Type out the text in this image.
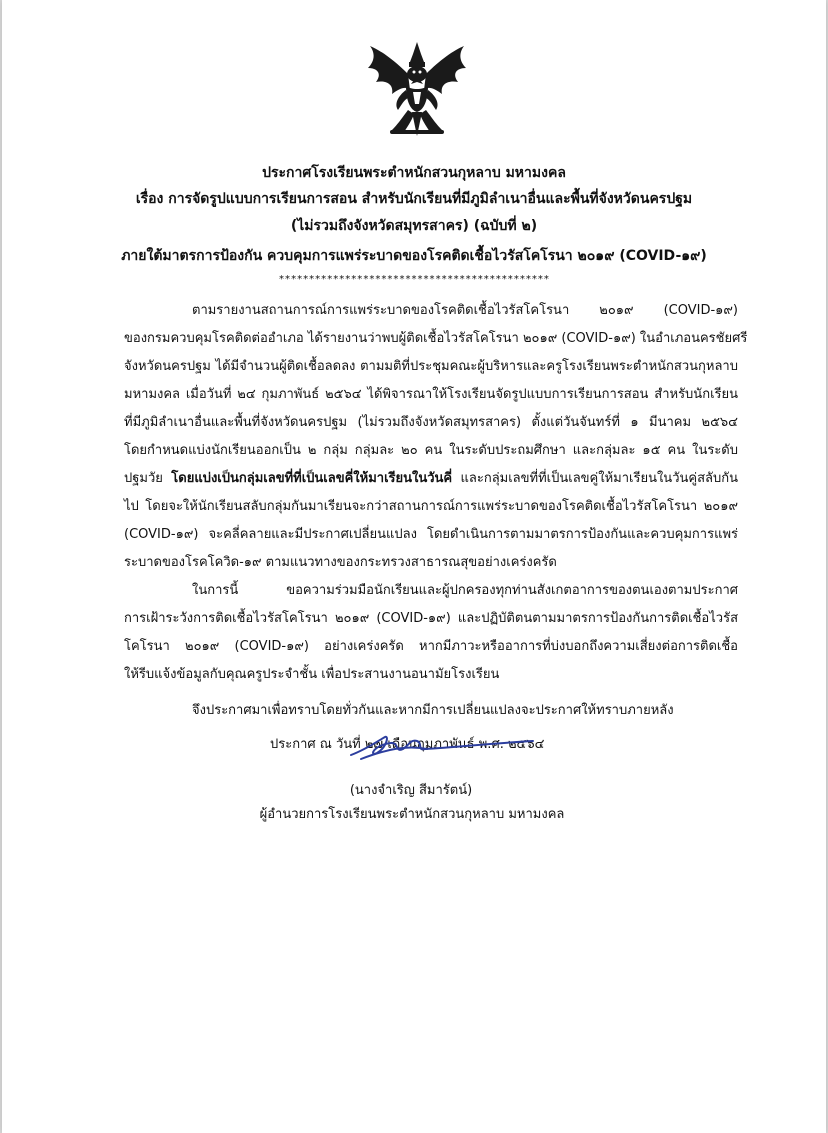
ประกาศโรงเรียนพระตำหนักสวนกุหลาบ มหามงคล
เรื่อง การจัดรูปแบบการเรียนการสอน สำหรับนักเรียนที่มีภูมิลำเนาอื่นและพื้นที่จังหวัดนครปฐม
(ไม่รวมถึงจังหวัดสมุทรสาคร) (ฉบับที่ ๒)
ภายใต้มาตรการป้องกัน ควบคุมการแพร่ระบาดของโรคติดเชื้อไวรัสโคโรนา ๒๐๑๙ (COVID-๑๙)
*********************************************
ตามรายงานสถานการณ์การแพร่ระบาดของโรคติดเชื้อไวรัสโคโรนา ๒๐๑๙ (COVID-๑๙)
ของกรมควบคุมโรคติดต่ออำเภอ ได้รายงานว่าพบผู้ติดเชื้อไวรัสโคโรนา ๒๐๑๙ (COVID-๑๙) ในอำเภอนครชัยศรี
จังหวัดนครปฐม ได้มีจำนวนผู้ติดเชื้อลดลง ตามมติที่ประชุมคณะผู้บริหารและครูโรงเรียนพระตำหนักสวนกุหลาบ
มหามงคล เมื่อวันที่ ๒๔ กุมภาพันธ์ ๒๕๖๔ ได้พิจารณาให้โรงเรียนจัดรูปแบบการเรียนการสอน สำหรับนักเรียน
ที่มีภูมิลำเนาอื่นและพื้นที่จังหวัดนครปฐม (ไม่รวมถึงจังหวัดสมุทรสาคร) ตั้งแต่วันจันทร์ที่ ๑ มีนาคม ๒๕๖๔
โดยกำหนดแบ่งนักเรียนออกเป็น ๒ กลุ่ม กลุ่มละ ๒๐ คน ในระดับประถมศึกษา และกลุ่มละ ๑๕ คน ในระดับ
ปฐมวัย โดยแบ่งเป็นกลุ่มเลขที่ที่เป็นเลขคี่ให้มาเรียนในวันคี่ และกลุ่มเลขที่ที่เป็นเลขคู่ให้มาเรียนในวันคู่สลับกัน
ไป โดยจะให้นักเรียนสลับกลุ่มกันมาเรียนจะกว่าสถานการณ์การแพร่ระบาดของโรคติดเชื้อไวรัสโคโรนา ๒๐๑๙
(COVID-๑๙) จะคลี่คลายและมีประกาศเปลี่ยนแปลง โดยดำเนินการตามมาตรการป้องกันและควบคุมการแพร่
ระบาดของโรคโควิด-๑๙ ตามแนวทางของกระทรวงสาธารณสุขอย่างเคร่งครัด
ในการนี้ ขอความร่วมมือนักเรียนและผู้ปกครองทุกท่านสังเกตอาการของตนเองตามประกาศ
การเฝ้าระวังการติดเชื้อไวรัสโคโรนา ๒๐๑๙ (COVID-๑๙) และปฏิบัติตนตามมาตรการป้องกันการติดเชื้อไวรัส
โคโรนา ๒๐๑๙ (COVID-๑๙) อย่างเคร่งครัด หากมีภาวะหรืออาการที่บ่งบอกถึงความเสี่ยงต่อการติดเชื้อ
ให้รีบแจ้งข้อมูลกับคุณครูประจำชั้น เพื่อประสานงานอนามัยโรงเรียน
จึงประกาศมาเพื่อทราบโดยทั่วกันและหากมีการเปลี่ยนแปลงจะประกาศให้ทราบภายหลัง
ประกาศ ณ วันที่ ๒๗ เดือนกุมภาพันธ์ พ.ศ. ๒๕๖๔
(นางจำเริญ สีมารัตน์)
ผู้อำนวยการโรงเรียนพระตำหนักสวนกุหลาบ มหามงคล
